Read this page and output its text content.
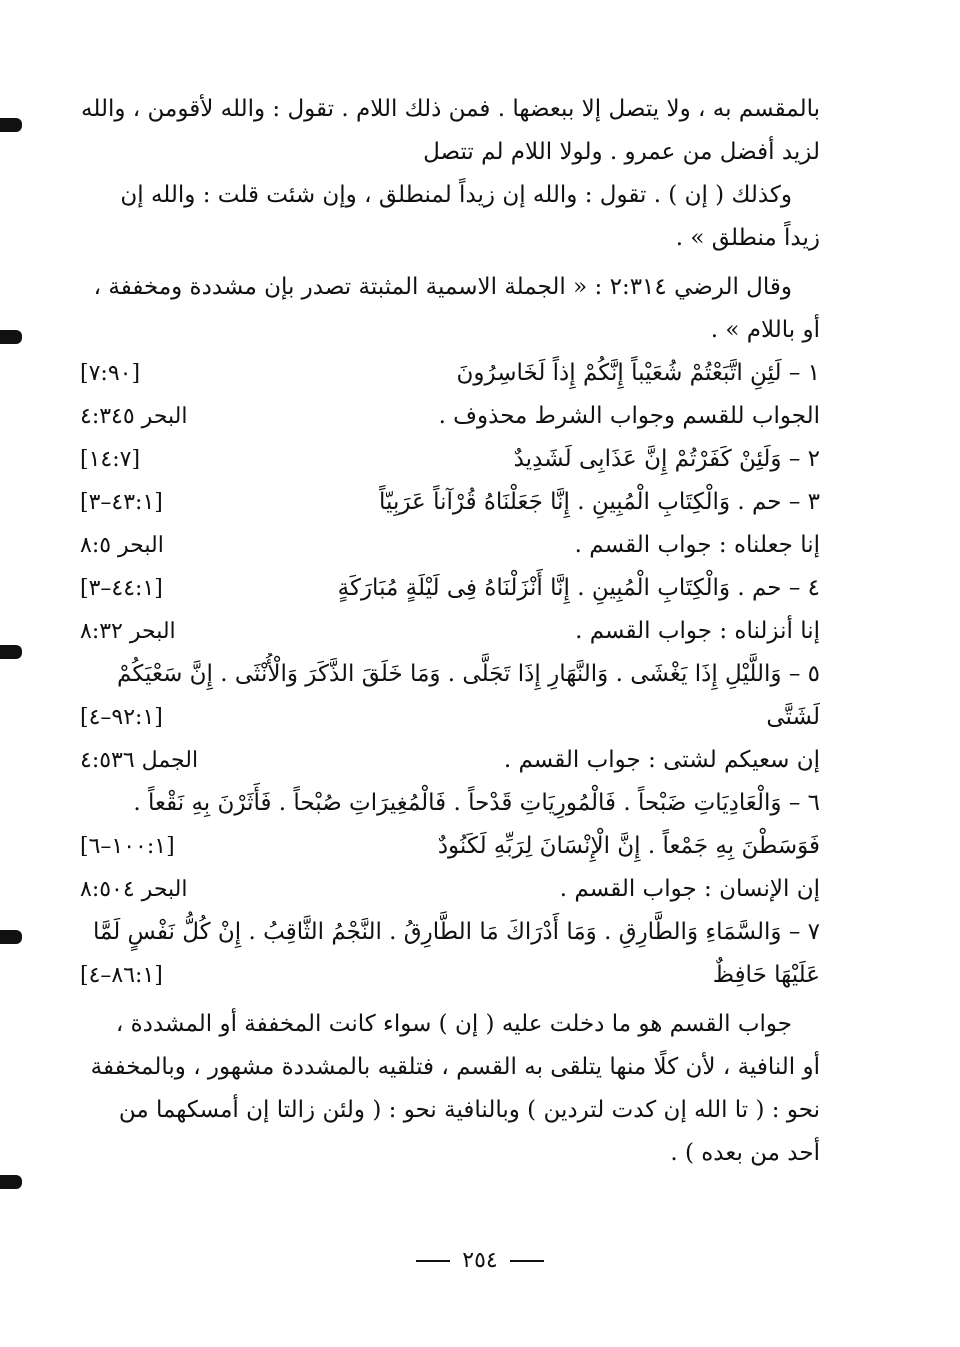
بالمقسم به ، ولا يتصل إلا ببعضها . فمن ذلك اللام . تقول : والله لأقومن ، والله
لزيد أفضل من عمرو . ولولا اللام لم تتصل
وكذلك ( إن ) . تقول : والله إن زيداً لمنطلق ، وإن شئت قلت : والله إن
زيداً منطلق » .
وقال الرضي ٢:٣١٤ : « الجملة الاسمية المثبتة تصدر بإن مشددة ومخففة ،
أو باللام » .
١ – لَئِنِ اتَّبَعْتُمْ شُعَيْباً إِنَّكُمْ إِذاً لَخَاسِرُونَ
[٧:٩٠]
الجواب للقسم وجواب الشرط محذوف .
البحر ٤:٣٤٥
٢ – وَلَئِنْ كَفَرْتُمْ إِنَّ عَذَابِى لَشَدِيدٌ
[١٤:٧]
٣ – حم . وَالْكِتَابِ الْمُبِينِ . إِنَّا جَعَلْنَاهُ قُرْآناً عَرَبِيّاً
[٤٣:١–٣]
إنا جعلناه : جواب القسم .
البحر ٨:٥
٤ – حم . وَالْكِتَابِ الْمُبِينِ . إِنَّا أَنْزَلْنَاهُ فِى لَيْلَةٍ مُبَارَكَةٍ
[٤٤:١–٣]
إنا أنزلناه : جواب القسم .
البحر ٨:٣٢
٥ – وَاللَّيْلِ إِذَا يَغْشَى . وَالنَّهَارِ إِذَا تَجَلَّى . وَمَا خَلَقَ الذَّكَرَ وَالْأُنْثَى . إِنَّ سَعْيَكُمْ
لَشَتَّى
[٩٢:١–٤]
إن سعيكم لشتى : جواب القسم .
الجمل ٤:٥٣٦
٦ – وَالْعَادِيَاتِ ضَبْحاً . فَالْمُورِيَاتِ قَدْحاً . فَالْمُغِيرَاتِ صُبْحاً . فَأَثَرْنَ بِهِ نَقْعاً .
فَوَسَطْنَ بِهِ جَمْعاً . إِنَّ الْإِنْسَانَ لِرَبِّهِ لَكَنُودٌ
[١٠٠:١–٦]
إن الإنسان : جواب القسم .
البحر ٨:٥٠٤
٧ – وَالسَّمَاءِ وَالطَّارِقِ . وَمَا أَدْرَاكَ مَا الطَّارِقُ . النَّجْمُ الثَّاقِبُ . إِنْ كُلُّ نَفْسٍ لَمَّا
عَلَيْهَا حَافِظٌ
[٨٦:١–٤]
جواب القسم هو ما دخلت عليه ( إن ) سواء كانت المخففة أو المشددة ،
أو النافية ، لأن كلًا منها يتلقى به القسم ، فتلقيه بالمشددة مشهور ، وبالمخففة
نحو : ( تا الله إن كدت لتردين ) وبالنافية نحو : ( ولئن زالتا إن أمسكهما من
أحد من بعده ) .
٢٥٤
